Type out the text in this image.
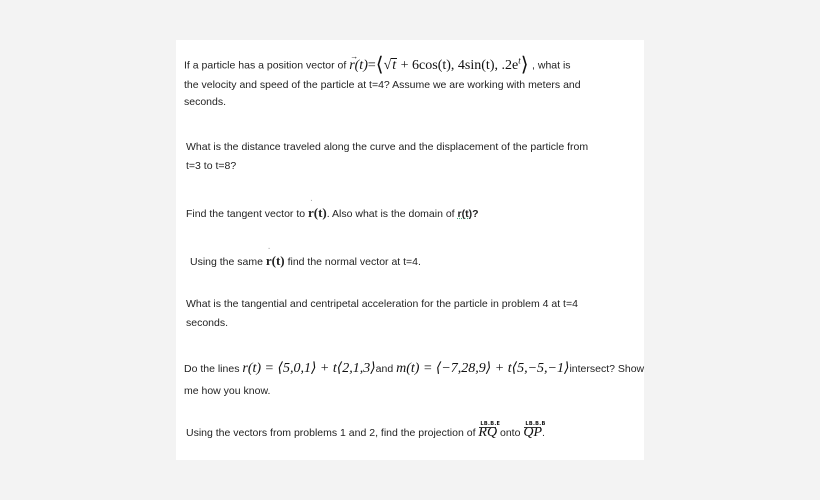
If a particle has a position vector of
→
r(t)=⟨√t + 6cos(t), 4sin(t), $.2e^t⟩$ , what is
the velocity and speed of the particle at t=4? Assume we are working with meters and
seconds.
What is the distance traveled along the curve and the displacement of the particle from
t=3 to t=8?
Find the tangent vector to
ˈ
r(t). Also what is the domain of r(t)?
Using the same
ˈ
r(t) find the normal vector at t=4.
What is the tangential and centripetal acceleration for the particle in problem 4 at t=4
seconds.
Do the lines r(t) = ⟨5,0,1⟩ + t⟨2,1,3⟩and m(t) = ⟨−7,28,9⟩ + t⟨5,−5,−1⟩intersect? Show
me how you know.
Using the vectors from problems 1 and 2, find the projection of
LB.B.E
RQ onto
LB.B.B
QP.
